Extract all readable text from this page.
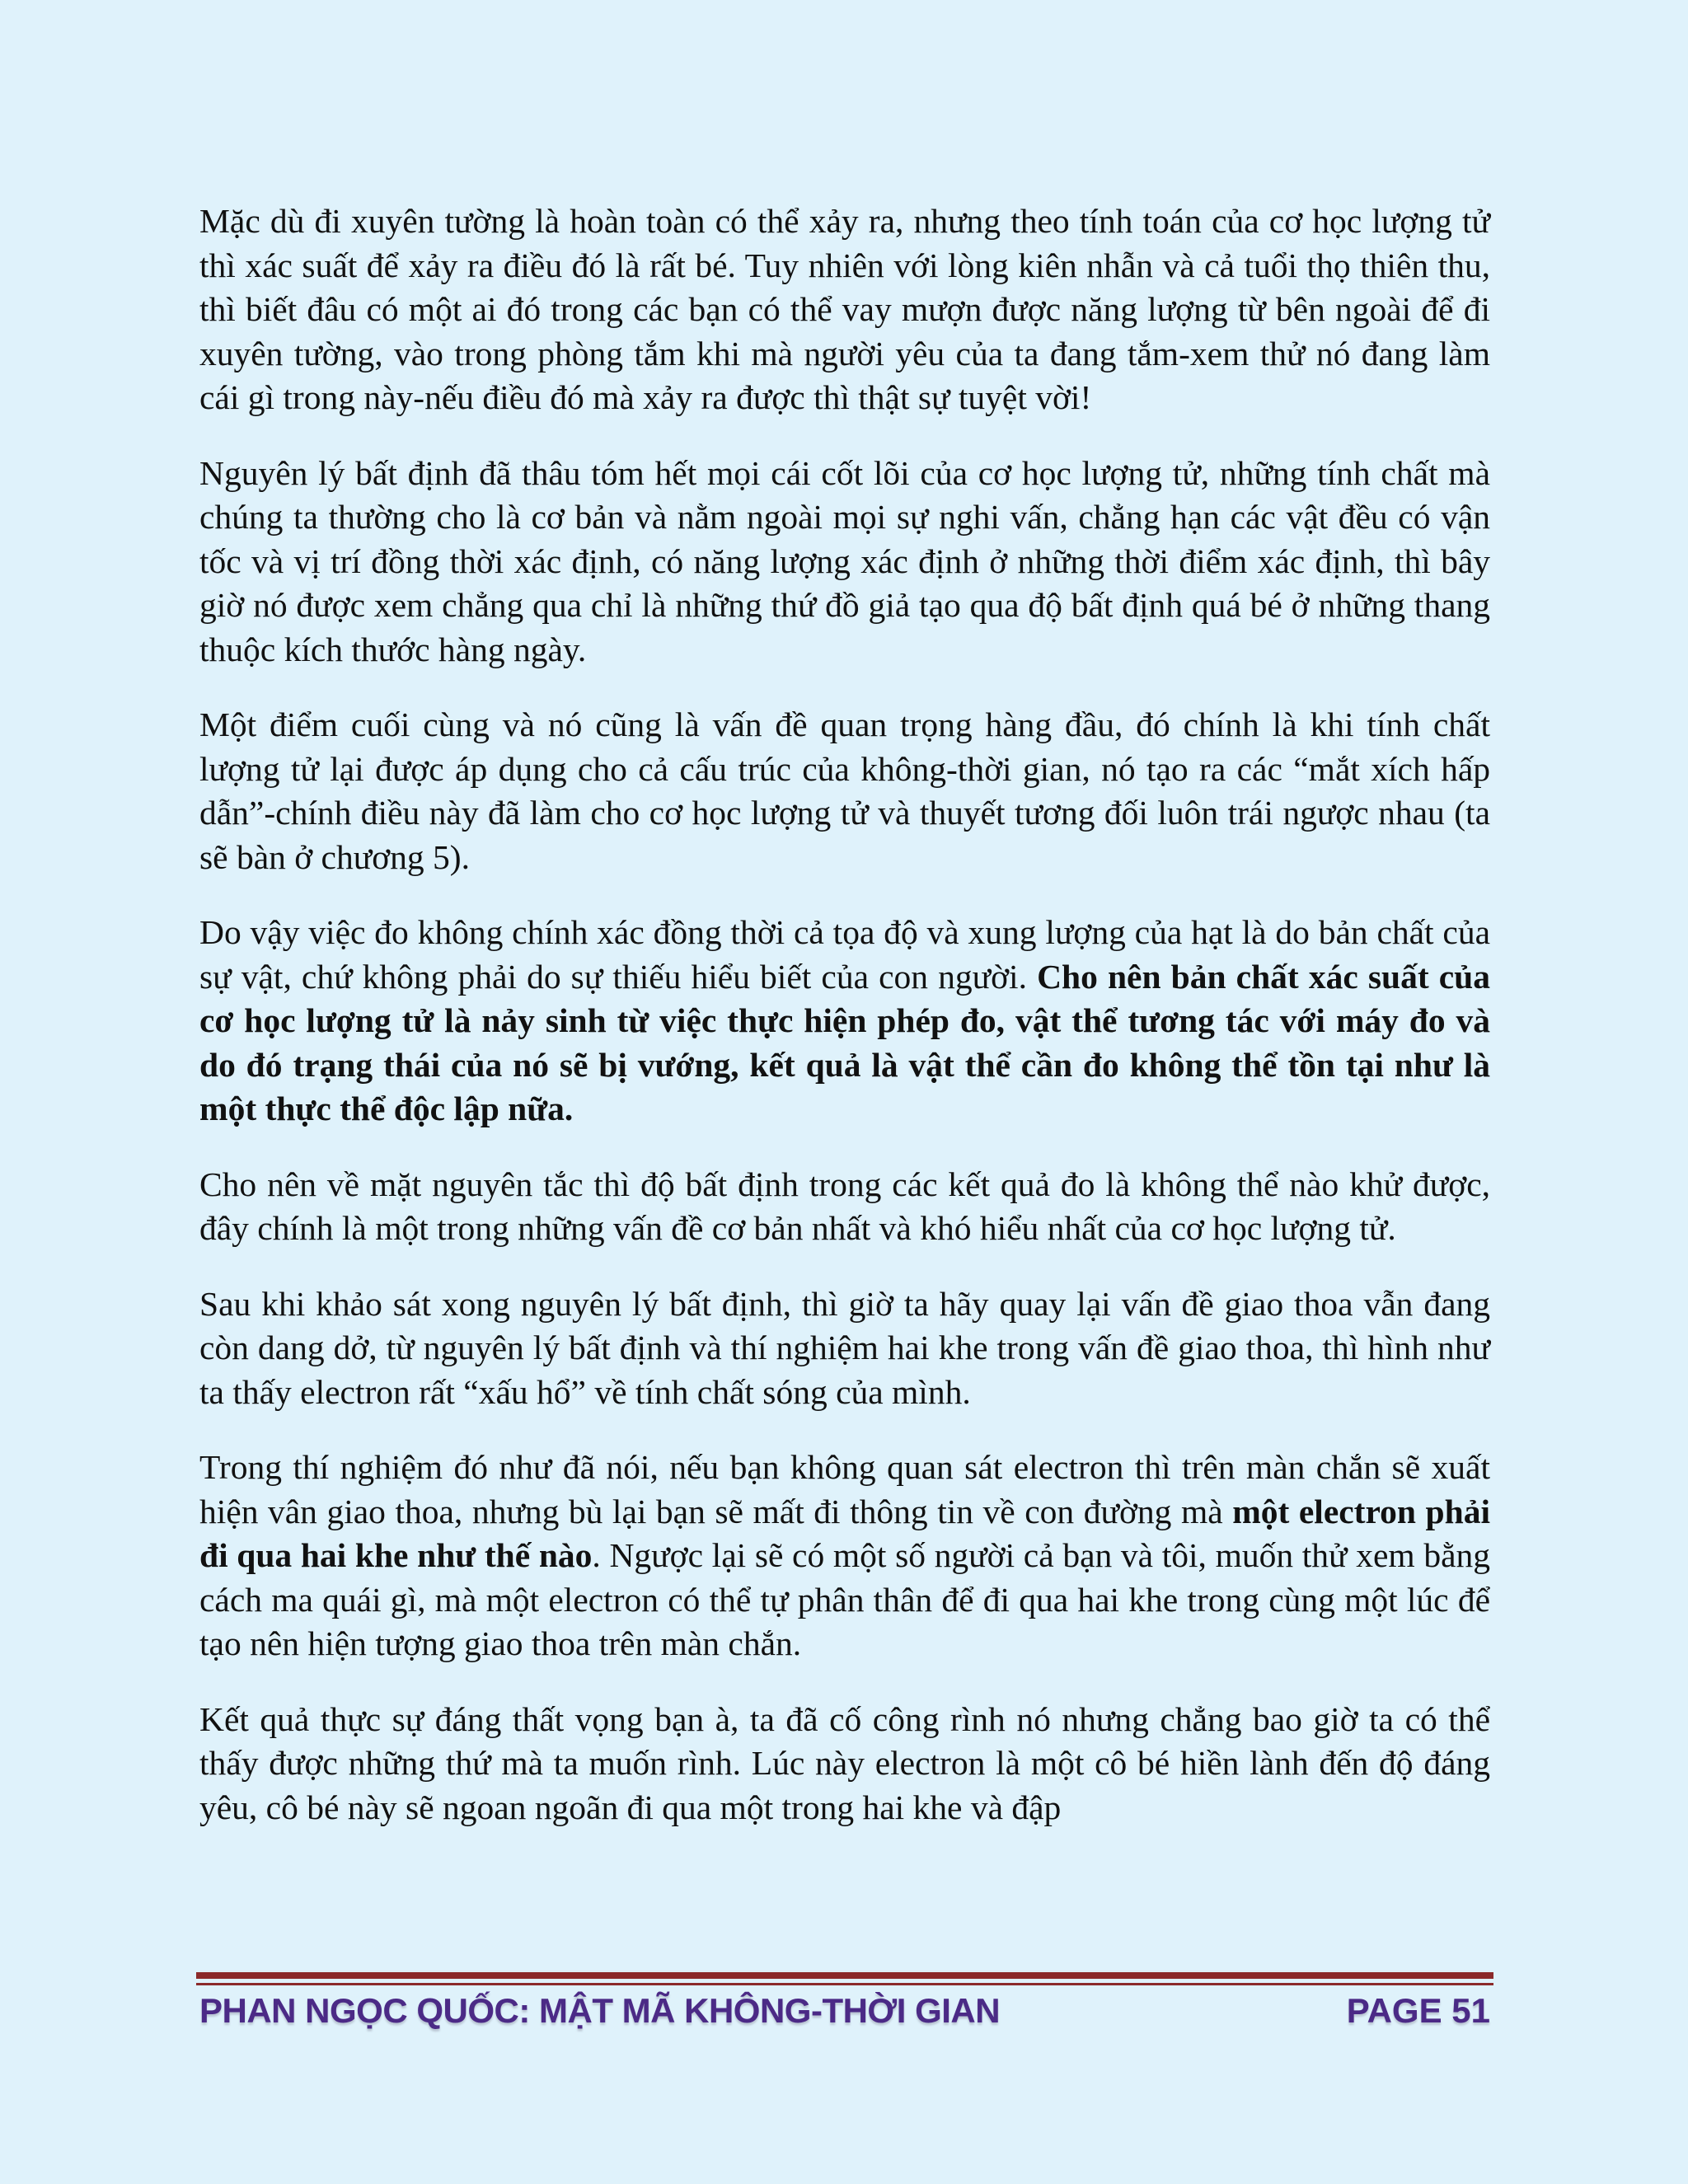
Mặc dù đi xuyên tường là hoàn toàn có thể xảy ra, nhưng theo tính toán của cơ học lượng tử thì xác suất để xảy ra điều đó là rất bé. Tuy nhiên với lòng kiên nhẫn và cả tuổi thọ thiên thu, thì biết đâu có một ai đó trong các bạn có thể vay mượn được năng lượng từ bên ngoài để đi xuyên tường, vào trong phòng tắm khi mà người yêu của ta đang tắm-xem thử nó đang làm cái gì trong này-nếu điều đó mà xảy ra được thì thật sự tuyệt vời!

Nguyên lý bất định đã thâu tóm hết mọi cái cốt lõi của cơ học lượng tử, những tính chất mà chúng ta thường cho là cơ bản và nằm ngoài mọi sự nghi vấn, chẳng hạn các vật đều có vận tốc và vị trí đồng thời xác định, có năng lượng xác định ở những thời điểm xác định, thì bây giờ nó được xem chẳng qua chỉ là những thứ đồ giả tạo qua độ bất định quá bé ở những thang thuộc kích thước hàng ngày.

Một điểm cuối cùng và nó cũng là vấn đề quan trọng hàng đầu, đó chính là khi tính chất lượng tử lại được áp dụng cho cả cấu trúc của không-thời gian, nó tạo ra các “mắt xích hấp dẫn”-chính điều này đã làm cho cơ học lượng tử và thuyết tương đối luôn trái ngược nhau (ta sẽ bàn ở chương 5).

Do vậy việc đo không chính xác đồng thời cả tọa độ và xung lượng của hạt là do bản chất của sự vật, chứ không phải do sự thiếu hiểu biết của con người. Cho nên bản chất xác suất của cơ học lượng tử là nảy sinh từ việc thực hiện phép đo, vật thể tương tác với máy đo và do đó trạng thái của nó sẽ bị vướng, kết quả là vật thể cần đo không thể tồn tại như là một thực thể độc lập nữa.

Cho nên về mặt nguyên tắc thì độ bất định trong các kết quả đo là không thể nào khử được, đây chính là một trong những vấn đề cơ bản nhất và khó hiểu nhất của cơ học lượng tử.

Sau khi khảo sát xong nguyên lý bất định, thì giờ ta hãy quay lại vấn đề giao thoa vẫn đang còn dang dở, từ nguyên lý bất định và thí nghiệm hai khe trong vấn đề giao thoa, thì hình như ta thấy electron rất “xấu hổ” về tính chất sóng của mình.

Trong thí nghiệm đó như đã nói, nếu bạn không quan sát electron thì trên màn chắn sẽ xuất hiện vân giao thoa, nhưng bù lại bạn sẽ mất đi thông tin về con đường mà một electron phải đi qua hai khe như thế nào. Ngược lại sẽ có một số người cả bạn và tôi, muốn thử xem bằng cách ma quái gì, mà một electron có thể tự phân thân để đi qua hai khe trong cùng một lúc để tạo nên hiện tượng giao thoa trên màn chắn.

Kết quả thực sự đáng thất vọng bạn à, ta đã cố công rình nó nhưng chẳng bao giờ ta có thể thấy được những thứ mà ta muốn rình. Lúc này electron là một cô bé hiền lành đến độ đáng yêu, cô bé này sẽ ngoan ngoãn đi qua một trong hai khe và đập

PHAN NGỌC QUỐC: MẬT MÃ KHÔNG-THỜI GIAN	PAGE 51
